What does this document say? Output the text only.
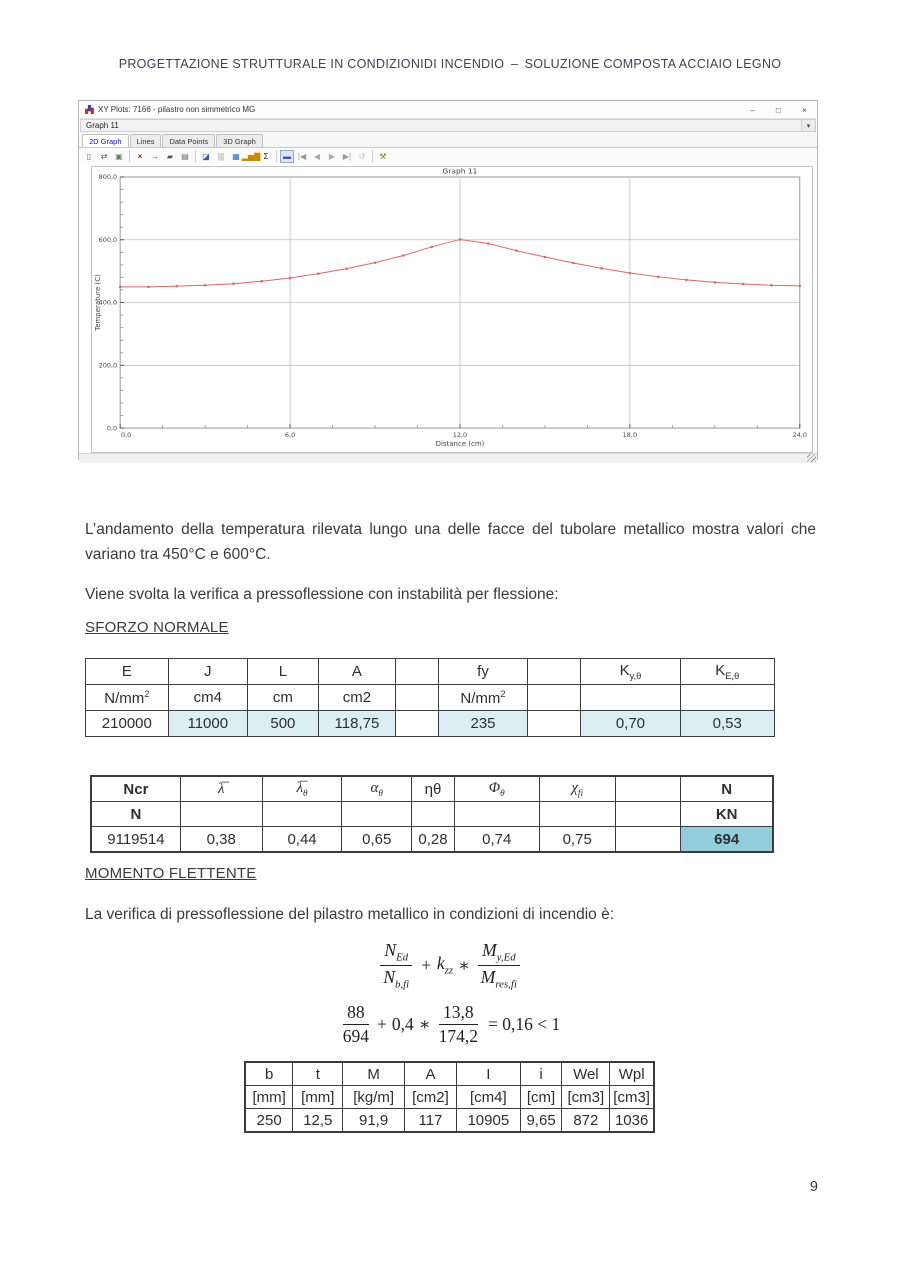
PROGETTAZIONE STRUTTURALE IN CONDIZIONIDI INCENDIO – SOLUZIONE COMPOSTA ACCIAIO LEGNO
XY Plots: 7166 - pilastro non simmetrico MG	– □ ×
Graph 11	▾
2D Graph	Lines	Data Points	3D Graph
▯	⇄ ▣	×	→ ▰	▤	◪	|||	▦ ▂▅▇ Σ	▬ |◀ ◀	▶ ▶| ↺	⚒
0,0	6,0	12,0	18,0	24,0
0,0
200,0
400,0
600,0
800,0
Graph 11
Distance (cm)
Temperature (C)

L’andamento della temperatura rilevata lungo una delle facce del tubolare metallico mostra valori che variano tra 450°C e 600°C.

Viene svolta la verifica a pressoflessione con instabilità per flessione:

SFORZO NORMALE
E	J	L	A		fy		$K_{y,\theta}$	$K_{E,\theta}$
$N/mm^2$	cm4	cm	cm2		$N/mm^2$			
210000	11000	500	118,75		235		0,70	0,53
Ncr	λ̅	$\lambda̅_\theta$	$\alpha_\theta$	ηθ	$\Phi_\theta$	$\chi_{fi}$		N
N								KN
9119514	0,38	0,44	0,65	0,28	0,74	0,75		694
MOMENTO FLETTENTE

La verifica di pressoflessione del pilastro metallico in condizioni di incendio è:

$\frac{N_{Ed}}{N_{b,fi}} + k_{zz}$ ∗ $\frac{M_{y,Ed}}{M_{res,fi}}$
$\frac{88}{694} + 0,4$ ∗ $\frac{13,8}{174,2} = 0,16 < 1$
b	t	M	A	I	i	Wel	Wpl
[mm]	[mm]	[kg/m]	[cm2]	[cm4]	[cm]	[cm3]	[cm3]
250	12,5	91,9	117	10905	9,65	872	1036
9
